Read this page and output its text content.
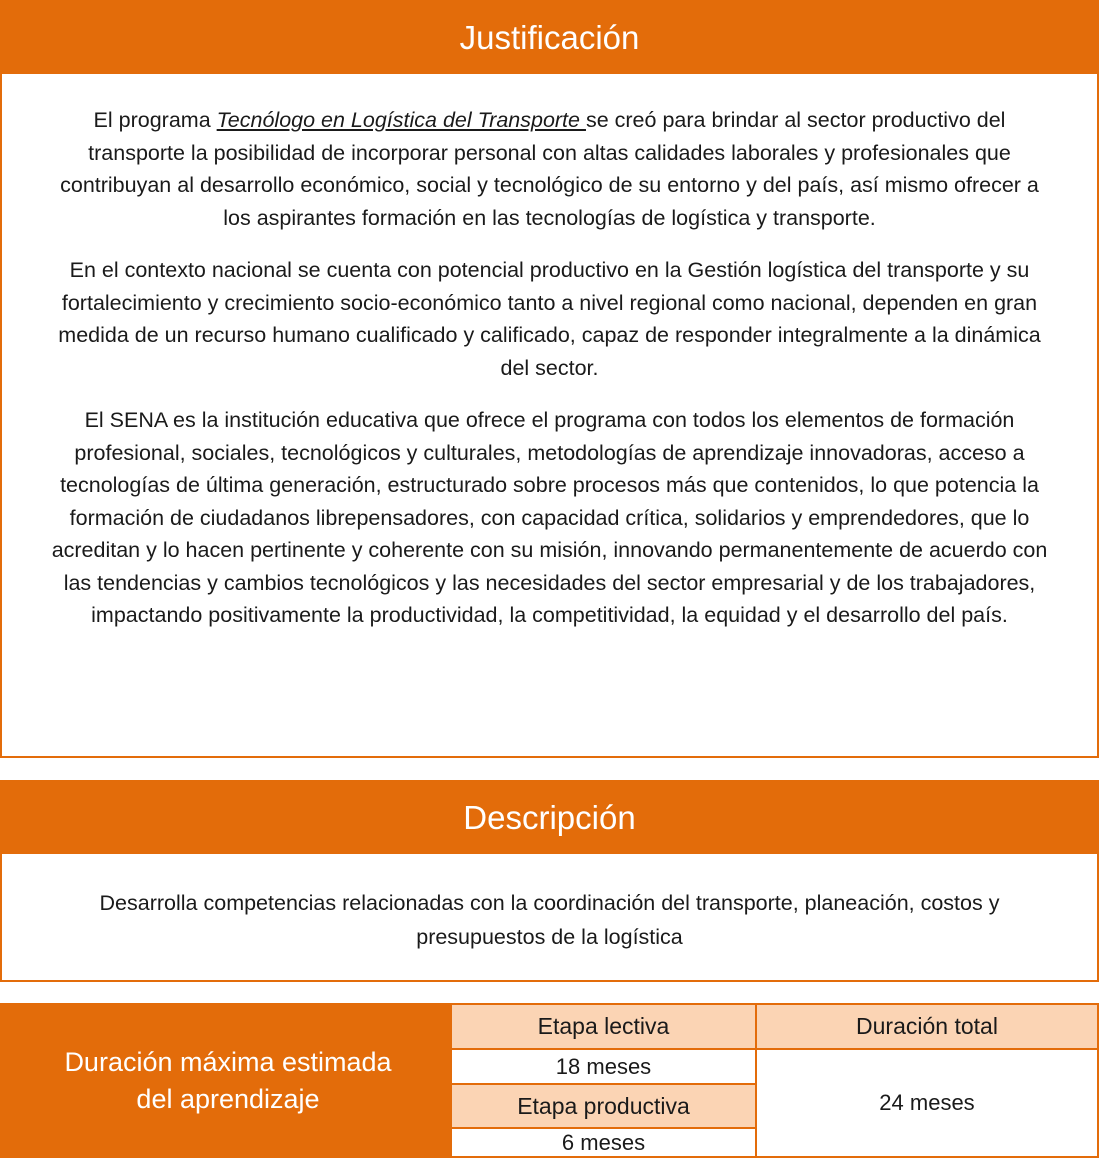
Justificación

El programa Tecnólogo en Logística del Transporte se creó para brindar al sector productivo del transporte la posibilidad de incorporar personal con altas calidades laborales y profesionales que contribuyan al desarrollo económico, social y tecnológico de su entorno y del país, así mismo ofrecer a los aspirantes formación en las tecnologías de logística y transporte.

En el contexto nacional se cuenta con potencial productivo en la Gestión logística del transporte y su fortalecimiento y crecimiento socio-económico tanto a nivel regional como nacional, dependen en gran medida de un recurso humano cualificado y calificado, capaz de responder integralmente a la dinámica del sector.

El SENA es la institución educativa que ofrece el programa con todos los elementos de formación profesional, sociales, tecnológicos y culturales, metodologías de aprendizaje innovadoras, acceso a tecnologías de última generación, estructurado sobre procesos más que contenidos, lo que potencia la formación de ciudadanos librepensadores, con capacidad crítica, solidarios y emprendedores, que lo acreditan y lo hacen pertinente y coherente con su misión, innovando permanentemente de acuerdo con las tendencias y cambios tecnológicos y las necesidades del sector empresarial y de los trabajadores, impactando positivamente la productividad, la competitividad, la equidad y el desarrollo del país.

Descripción

Desarrolla competencias relacionadas con la coordinación del transporte, planeación, costos y presupuestos de la logística

Duración máxima estimada
del aprendizaje
Etapa lectiva	Duración total
18 meses
24 meses
Etapa productiva
6 meses
